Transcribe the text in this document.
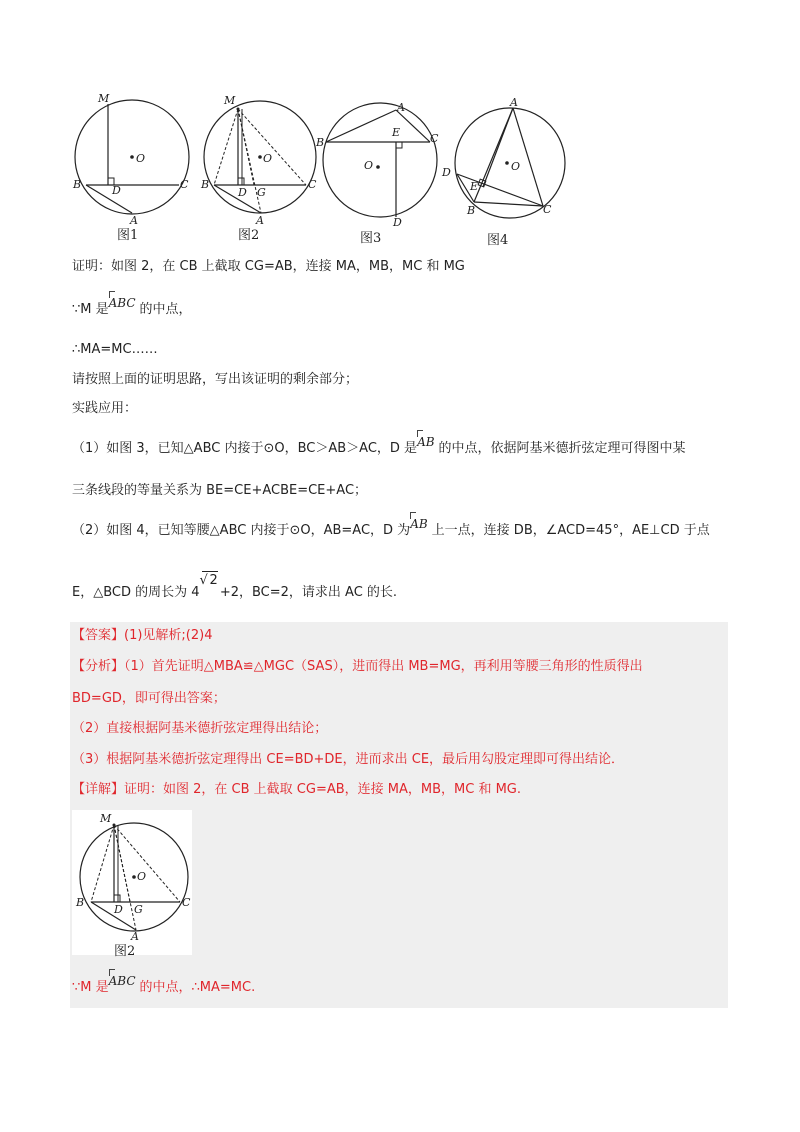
M
O
B	D	C
A
图1
M
O
B
D G
C
A
图2
A
E
B	C
O
D
图3
A
O
D
E
B	C
图4
证明：如图 2，在 CB 上截取 CG=AB，连接 MA，MB，MC 和 MG
∵M 是ABC 的中点，
∴MA=MC……
请按照上面的证明思路，写出该证明的剩余部分；
实践应用：
（1）如图 3，已知△ABC 内接于⊙O，BC＞AB＞AC，D 是AB 的中点，依据阿基米德折弦定理可得图中某
三条线段的等量关系为 BE=CE+ACBE=CE+AC；
（2）如图 4，已知等腰△ABC 内接于⊙O，AB=AC，D 为AB 上一点，连接 DB，∠ACD=45°，AE⊥CD 于点
E，△BCD 的周长为 4
√ 2+2，BC=2，请求出 AC 的长.
【答案】(1)见解析;(2)4
【分析】（1）首先证明△MBA≌△MGC（SAS），进而得出 MB=MG，再利用等腰三角形的性质得出
BD=GD，即可得出答案；
（2）直接根据阿基米德折弦定理得出结论；
（3）根据阿基米德折弦定理得出 CE=BD+DE，进而求出 CE，最后用勾股定理即可得出结论．
【详解】证明：如图 2，在 CB 上截取 CG=AB，连接 MA，MB，MC 和 MG.
M
O
B
D G
C
A
图2
∵M 是ABC 的中点，∴MA=MC.
